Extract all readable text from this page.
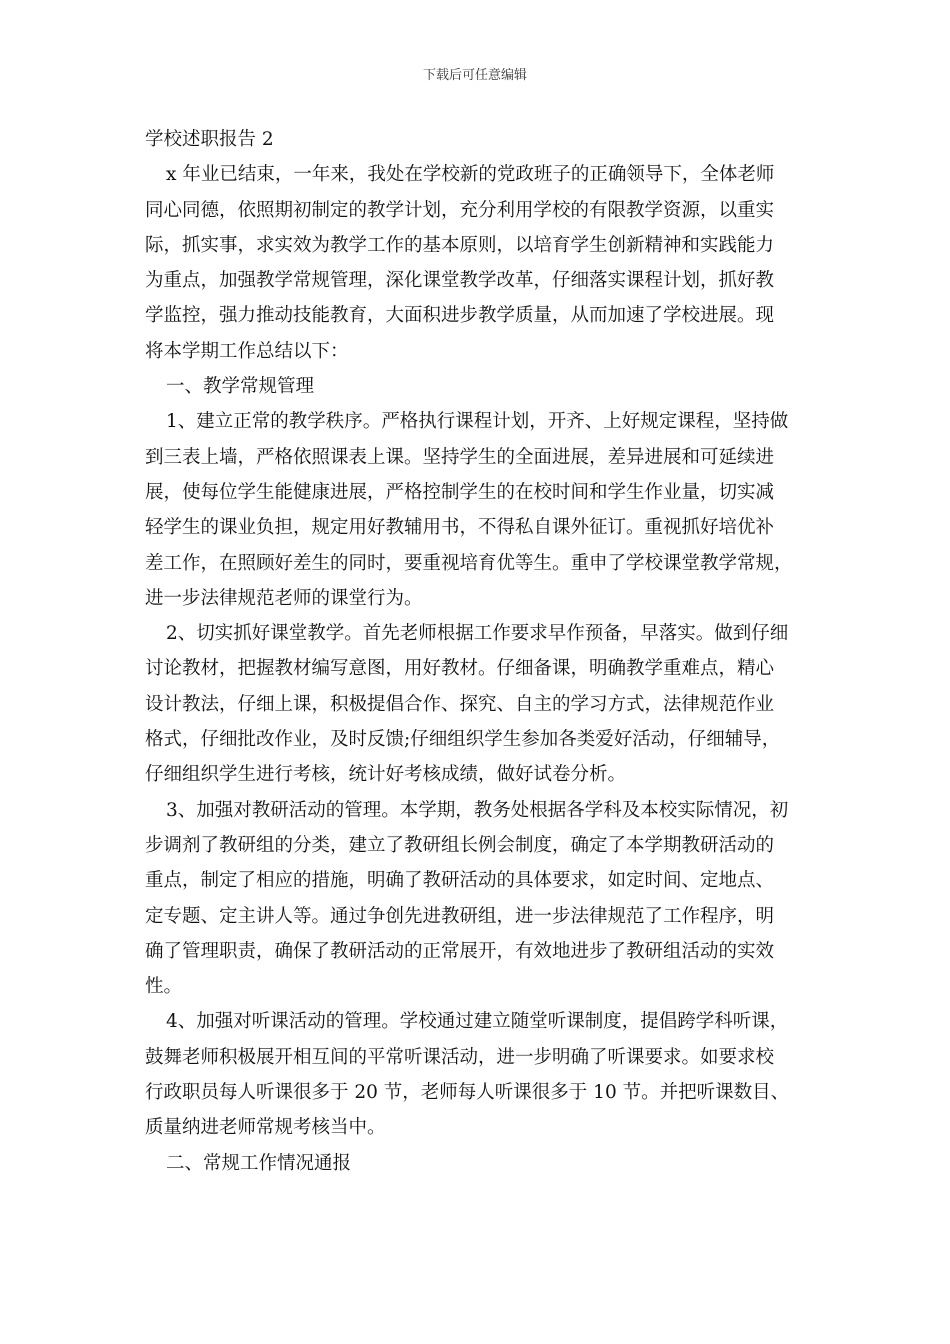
下载后可任意编辑
学校述职报告 2
x 年业已结束，一年来，我处在学校新的党政班子的正确领导下，全体老师
同心同德，依照期初制定的教学计划，充分利用学校的有限教学资源，以重实
际，抓实事，求实效为教学工作的基本原则，以培育学生创新精神和实践能力
为重点，加强教学常规管理，深化课堂教学改革，仔细落实课程计划，抓好教
学监控，强力推动技能教育，大面积进步教学质量，从而加速了学校进展。现
将本学期工作总结以下：
一、教学常规管理
1、建立正常的教学秩序。严格执行课程计划，开齐、上好规定课程，坚持做
到三表上墙，严格依照课表上课。坚持学生的全面进展，差异进展和可延续进
展，使每位学生能健康进展，严格控制学生的在校时间和学生作业量，切实减
轻学生的课业负担，规定用好教辅用书，不得私自课外征订。重视抓好培优补
差工作，在照顾好差生的同时，要重视培育优等生。重申了学校课堂教学常规，
进一步法律规范老师的课堂行为。
2、切实抓好课堂教学。首先老师根据工作要求早作预备，早落实。做到仔细
讨论教材，把握教材编写意图，用好教材。仔细备课，明确教学重难点，精心
设计教法，仔细上课，积极提倡合作、探究、自主的学习方式，法律规范作业
格式，仔细批改作业，及时反馈;仔细组织学生参加各类爱好活动，仔细辅导，
仔细组织学生进行考核，统计好考核成绩，做好试卷分析。
3、加强对教研活动的管理。本学期，教务处根据各学科及本校实际情况，初
步调剂了教研组的分类，建立了教研组长例会制度，确定了本学期教研活动的
重点，制定了相应的措施，明确了教研活动的具体要求，如定时间、定地点、
定专题、定主讲人等。通过争创先进教研组，进一步法律规范了工作程序，明
确了管理职责，确保了教研活动的正常展开，有效地进步了教研组活动的实效
性。
4、加强对听课活动的管理。学校通过建立随堂听课制度，提倡跨学科听课，
鼓舞老师积极展开相互间的平常听课活动，进一步明确了听课要求。如要求校
行政职员每人听课很多于 20 节，老师每人听课很多于 10 节。并把听课数目、
质量纳进老师常规考核当中。
二、常规工作情况通报
